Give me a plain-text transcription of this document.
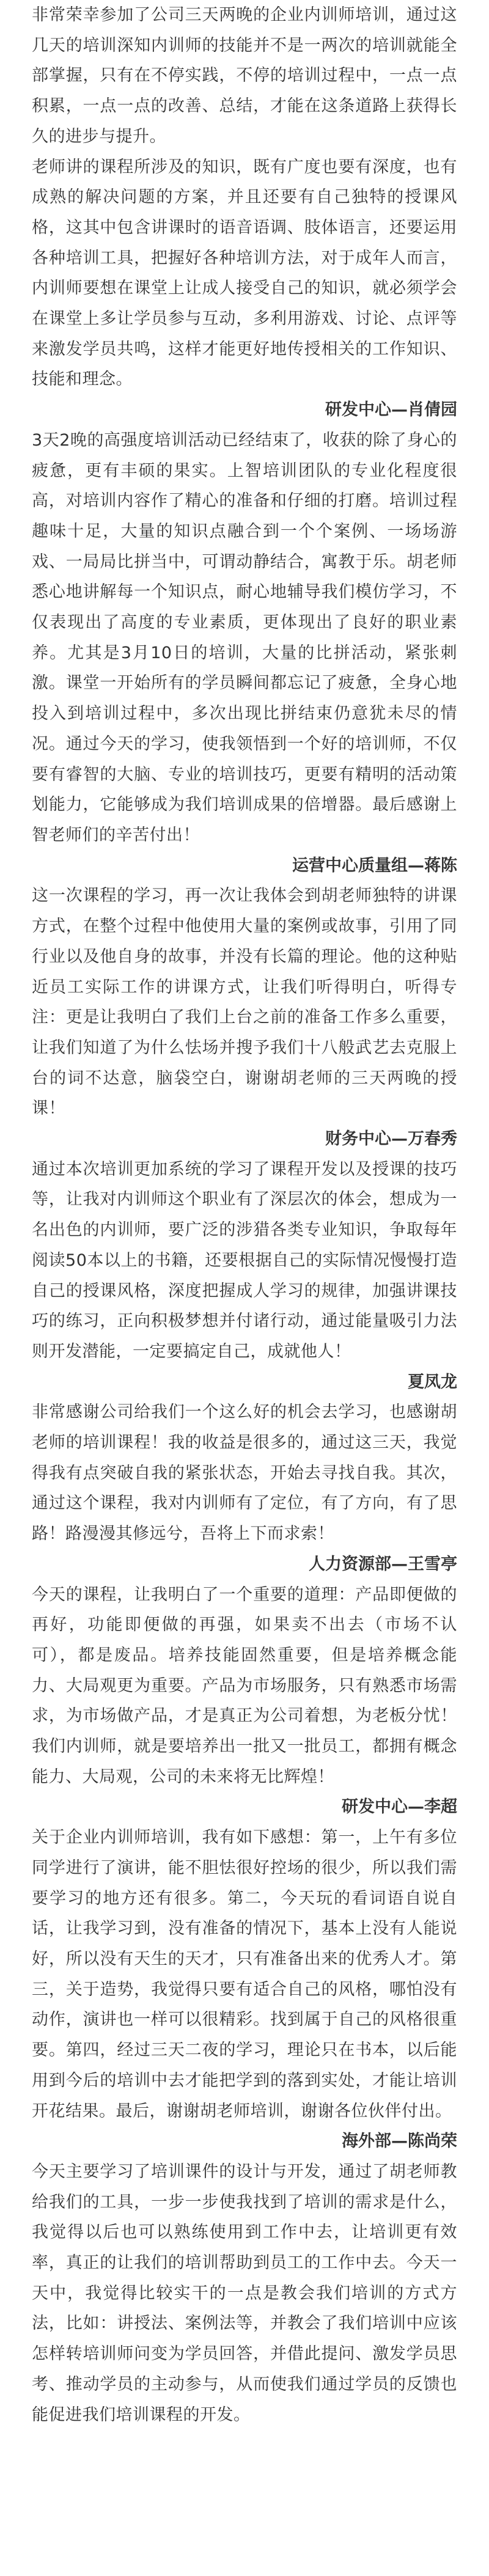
非常荣幸参加了公司三天两晚的企业内训师培训，通过这几天的培训深知内训师的技能并不是一两次的培训就能全部掌握，只有在不停实践，不停的培训过程中，一点一点积累，一点一点的改善、总结，才能在这条道路上获得长久的进步与提升。

老师讲的课程所涉及的知识，既有广度也要有深度，也有成熟的解决问题的方案，并且还要有自己独特的授课风格，这其中包含讲课时的语音语调、肢体语言，还要运用各种培训工具，把握好各种培训方法，对于成年人而言，内训师要想在课堂上让成人接受自己的知识，就必须学会在课堂上多让学员参与互动，多利用游戏、讨论、点评等来激发学员共鸣，这样才能更好地传授相关的工作知识、技能和理念。

研发中心—肖倩园

3天2晚的高强度培训活动已经结束了，收获的除了身心的疲惫，更有丰硕的果实。上智培训团队的专业化程度很高，对培训内容作了精心的准备和仔细的打磨。培训过程趣味十足，大量的知识点融合到一个个案例、一场场游戏、一局局比拼当中，可谓动静结合，寓教于乐。胡老师悉心地讲解每一个知识点，耐心地辅导我们模仿学习，不仅表现出了高度的专业素质，更体现出了良好的职业素养。尤其是3月10日的培训，大量的比拼活动，紧张刺激。课堂一开始所有的学员瞬间都忘记了疲惫，全身心地投入到培训过程中，多次出现比拼结束仍意犹未尽的情况。通过今天的学习，使我领悟到一个好的培训师，不仅要有睿智的大脑、专业的培训技巧，更要有精明的活动策划能力，它能够成为我们培训成果的倍增器。最后感谢上智老师们的辛苦付出！

运营中心质量组—蒋陈

这一次课程的学习，再一次让我体会到胡老师独特的讲课方式，在整个过程中他使用大量的案例或故事，引用了同行业以及他自身的故事，并没有长篇的理论。他的这种贴近员工实际工作的讲课方式，让我们听得明白，听得专注：更是让我明白了我们上台之前的准备工作多么重要，让我们知道了为什么怯场并搜予我们十八般武艺去克服上台的词不达意，脑袋空白，谢谢胡老师的三天两晚的授课！

财务中心—万春秀

通过本次培训更加系统的学习了课程开发以及授课的技巧等，让我对内训师这个职业有了深层次的体会，想成为一名出色的内训师，要广泛的涉猎各类专业知识，争取每年阅读50本以上的书籍，还要根据自己的实际情况慢慢打造自己的授课风格，深度把握成人学习的规律，加强讲课技巧的练习，正向积极梦想并付诸行动，通过能量吸引力法则开发潜能，一定要搞定自己，成就他人！

夏凤龙

非常感谢公司给我们一个这么好的机会去学习，也感谢胡老师的培训课程！我的收益是很多的，通过这三天，我觉得我有点突破自我的紧张状态，开始去寻找自我。其次，通过这个课程，我对内训师有了定位，有了方向，有了思路！路漫漫其修远兮，吾将上下而求索！

人力资源部—王雪亭

今天的课程，让我明白了一个重要的道理：产品即便做的再好，功能即便做的再强，如果卖不出去（市场不认可），都是废品。培养技能固然重要，但是培养概念能力、大局观更为重要。产品为市场服务，只有熟悉市场需求，为市场做产品，才是真正为公司着想，为老板分忧！我们内训师，就是要培养出一批又一批员工，都拥有概念能力、大局观，公司的未来将无比辉煌！

研发中心—李超

关于企业内训师培训，我有如下感想：第一，上午有多位同学进行了演讲，能不胆怯很好控场的很少，所以我们需要学习的地方还有很多。第二，今天玩的看词语自说自话，让我学习到，没有准备的情况下，基本上没有人能说好，所以没有天生的天才，只有准备出来的优秀人才。第三，关于造势，我觉得只要有适合自己的风格，哪怕没有动作，演讲也一样可以很精彩。找到属于自己的风格很重要。第四，经过三天二夜的学习，理论只在书本，以后能用到今后的培训中去才能把学到的落到实处，才能让培训开花结果。最后，谢谢胡老师培训，谢谢各位伙伴付出。

海外部—陈尚荣

今天主要学习了培训课件的设计与开发，通过了胡老师教给我们的工具，一步一步使我找到了培训的需求是什么，我觉得以后也可以熟练使用到工作中去，让培训更有效率，真正的让我们的培训帮助到员工的工作中去。今天一天中，我觉得比较实干的一点是教会我们培训的方式方法，比如：讲授法、案例法等，并教会了我们培训中应该怎样转培训师问变为学员回答，并借此提问、激发学员思考、推动学员的主动参与，从而使我们通过学员的反馈也能促进我们培训课程的开发。
